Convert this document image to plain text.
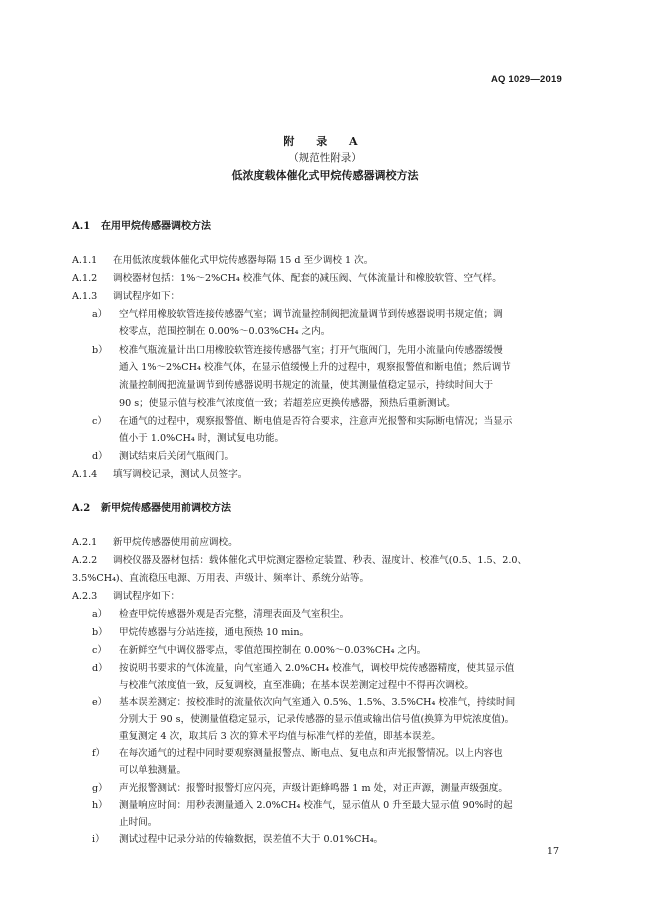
AQ 1029—2019
附 录 A
（规范性附录）
低浓度载体催化式甲烷传感器调校方法
A.1 在用甲烷传感器调校方法
A.1.1 在用低浓度载体催化式甲烷传感器每隔 15 d 至少调校 1 次。
A.1.2 调校器材包括：1%～2%CH₄ 校准气体、配套的减压阀、气体流量计和橡胶软管、空气样。
A.1.3 调试程序如下：
a） 空气样用橡胶软管连接传感器气室；调节流量控制阀把流量调节到传感器说明书规定值；调
校零点，范围控制在 0.00%～0.03%CH₄ 之内。
b） 校准气瓶流量计出口用橡胶软管连接传感器气室；打开气瓶阀门，先用小流量向传感器缓慢
通入 1%～2%CH₄ 校准气体，在显示值缓慢上升的过程中，观察报警值和断电值；然后调节
流量控制阀把流量调节到传感器说明书规定的流量，使其测量值稳定显示，持续时间大于
90 s；使显示值与校准气浓度值一致；若超差应更换传感器，预热后重新测试。
c） 在通气的过程中，观察报警值、断电值是否符合要求，注意声光报警和实际断电情况；当显示
值小于 1.0%CH₄ 时，测试复电功能。
d） 测试结束后关闭气瓶阀门。
A.1.4 填写调校记录，测试人员签字。
A.2 新甲烷传感器使用前调校方法
A.2.1 新甲烷传感器使用前应调校。
A.2.2 调校仪器及器材包括：载体催化式甲烷测定器检定装置、秒表、湿度计、校准气(0.5、1.5、2.0、
3.5%CH₄)、直流稳压电源、万用表、声级计、频率计、系统分站等。
A.2.3 调试程序如下：
a） 检查甲烷传感器外观是否完整，清理表面及气室积尘。
b） 甲烷传感器与分站连接，通电预热 10 min。
c） 在新鲜空气中调仪器零点，零值范围控制在 0.00%～0.03%CH₄ 之内。
d） 按说明书要求的气体流量，向气室通入 2.0%CH₄ 校准气，调校甲烷传感器精度，使其显示值
与校准气浓度值一致，反复调校，直至准确；在基本误差测定过程中不得再次调校。
e） 基本误差测定：按校准时的流量依次向气室通入 0.5%、1.5%、3.5%CH₄ 校准气，持续时间
分别大于 90 s，使测量值稳定显示，记录传感器的显示值或输出信号值(换算为甲烷浓度值)。
重复测定 4 次，取其后 3 次的算术平均值与标准气样的差值，即基本误差。
f） 在每次通气的过程中同时要观察测量报警点、断电点、复电点和声光报警情况。以上内容也
可以单独测量。
g） 声光报警测试：报警时报警灯应闪亮，声级计距蜂鸣器 1 m 处，对正声源，测量声级强度。
h） 测量响应时间：用秒表测量通入 2.0%CH₄ 校准气，显示值从 0 升至最大显示值 90%时的起
止时间。
i） 测试过程中记录分站的传输数据，误差值不大于 0.01%CH₄。
17
